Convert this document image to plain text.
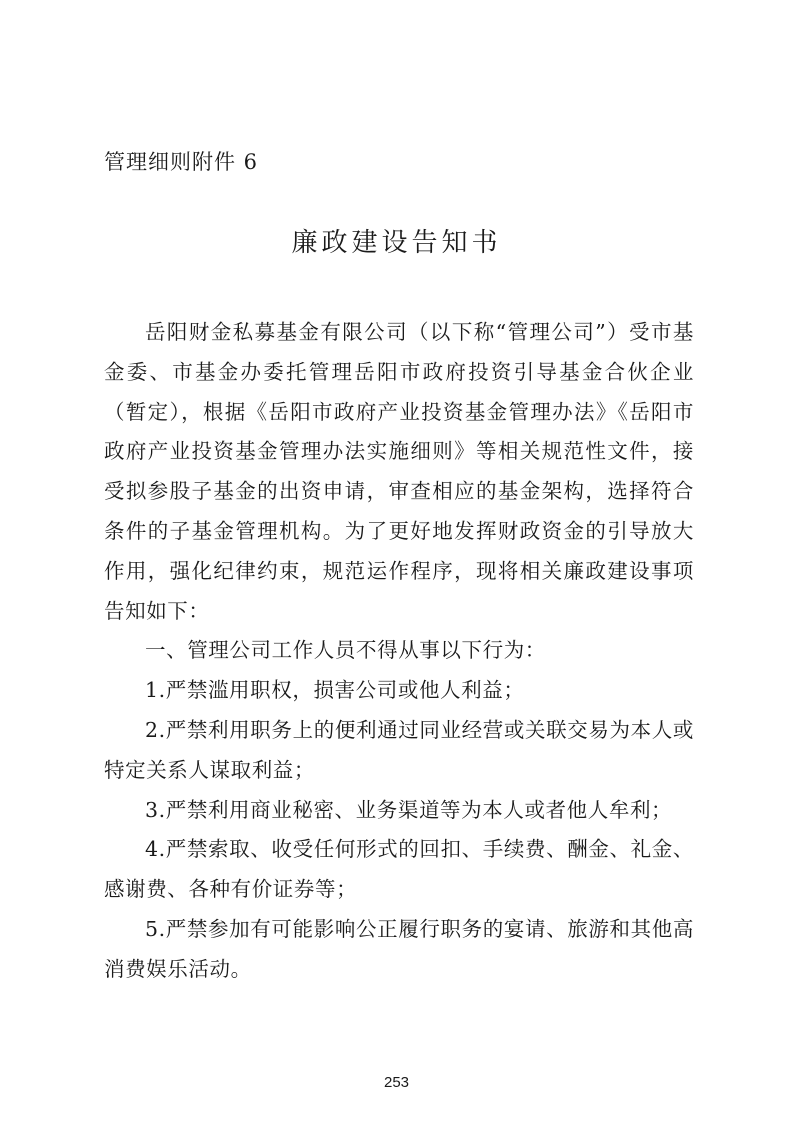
管理细则附件 6

廉政建设告知书

岳阳财金私募基金有限公司（以下称“管理公司”）受市基金委、市基金办委托管理岳阳市政府投资引导基金合伙企业（暂定），根据《岳阳市政府产业投资基金管理办法》《岳阳市政府产业投资基金管理办法实施细则》等相关规范性文件，接受拟参股子基金的出资申请，审查相应的基金架构，选择符合条件的子基金管理机构。为了更好地发挥财政资金的引导放大作用，强化纪律约束，规范运作程序，现将相关廉政建设事项告知如下：

一、管理公司工作人员不得从事以下行为：

1.严禁滥用职权，损害公司或他人利益；

2.严禁利用职务上的便利通过同业经营或关联交易为本人或特定关系人谋取利益；

3.严禁利用商业秘密、业务渠道等为本人或者他人牟利；

4.严禁索取、收受任何形式的回扣、手续费、酬金、礼金、感谢费、各种有价证券等；

5.严禁参加有可能影响公正履行职务的宴请、旅游和其他高消费娱乐活动。

253
